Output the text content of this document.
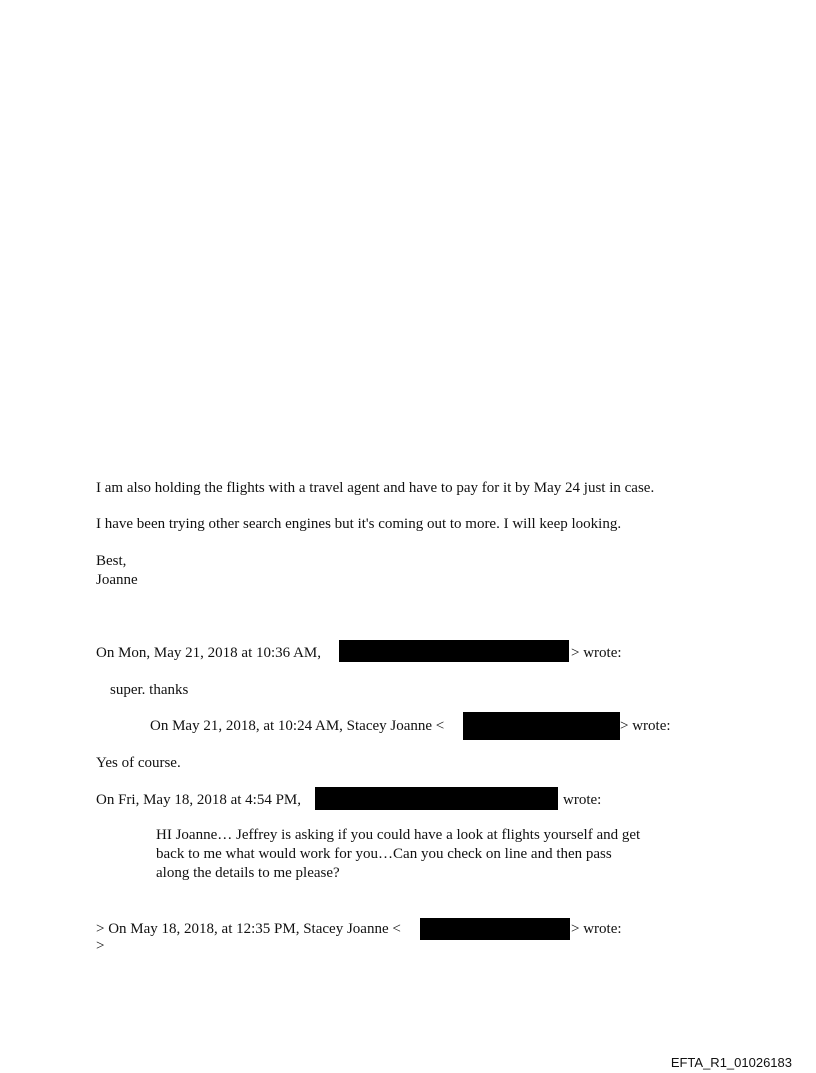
I am also holding the flights with a travel agent and have to pay for it by May 24 just in case.
I have been trying other search engines but it's coming out to more. I will keep looking.
Best,
Joanne
On Mon, May 21, 2018 at 10:36 AM,	> wrote:
super. thanks
On May 21, 2018, at 10:24 AM, Stacey Joanne <	> wrote:
Yes of course.
On Fri, May 18, 2018 at 4:54 PM,	wrote:
HI Joanne… Jeffrey is asking if you could have a look at flights yourself and get
back to me what would work for you…Can you check on line and then pass
along the details to me please?
> On May 18, 2018, at 12:35 PM, Stacey Joanne <	> wrote:
>
EFTA_R1_01026183
